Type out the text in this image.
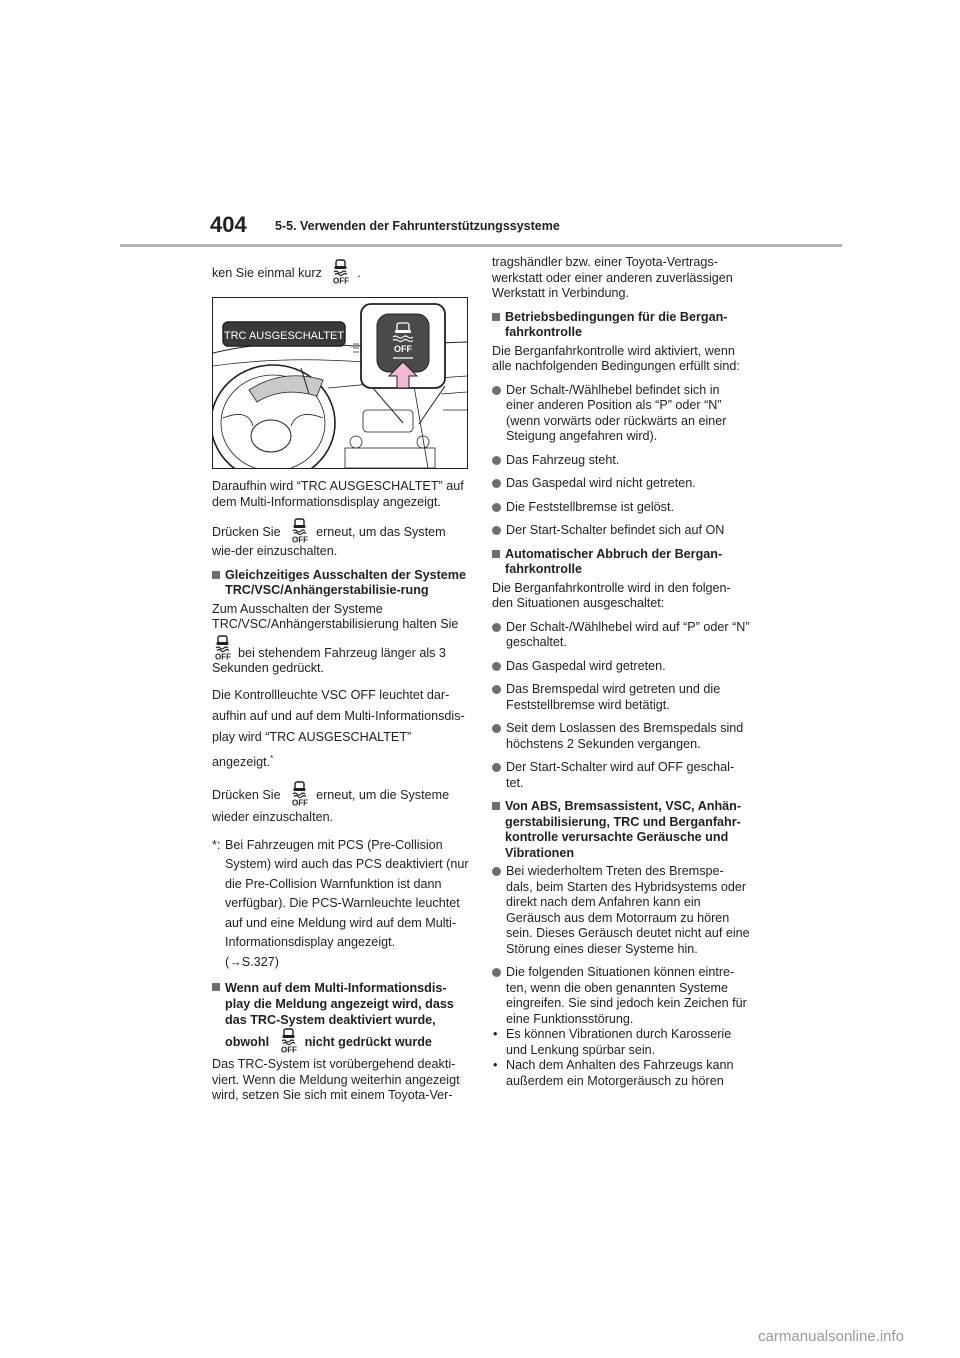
404 5-5. Verwenden der Fahrunterstützungssysteme

ken Sie einmal kurz	.

TRC AUSGESCHALTET
OFF

Daraufhin wird “TRC AUSGESCHALTET” auf dem Multi-Informationsdisplay angezeigt.

Drücken Sie	erneut, um das System wie-der einzuschalten.

Gleichzeitiges Ausschalten der Systeme TRC/VSC/Anhängerstabilisie-rung

Zum Ausschalten der Systeme TRC/VSC/Anhängerstabilisierung halten Sie

bei stehendem Fahrzeug länger als 3 Sekunden gedrückt.

Die Kontrollleuchte VSC OFF leuchtet dar-aufhin auf und auf dem Multi-Informationsdis-play wird “TRC AUSGESCHALTET” angezeigt.*

Drücken Sie	erneut, um die Systeme wieder einzuschalten.

*: Bei Fahrzeugen mit PCS (Pre-Collision System) wird auch das PCS deaktiviert (nur die Pre-Collision Warnfunktion ist dann verfügbar). Die PCS-Warnleuchte leuchtet auf und eine Meldung wird auf dem Multi-Informationsdisplay angezeigt.
(→S.327)
Wenn auf dem Multi-Informationsdis-play die Meldung angezeigt wird, dass das TRC-System deaktiviert wurde,
obwohl	nicht gedrückt wurde

Das TRC-System ist vorübergehend deakti-viert. Wenn die Meldung weiterhin angezeigt wird, setzen Sie sich mit einem Toyota-Ver-

tragshändler bzw. einer Toyota-Vertrags-werkstatt oder einer anderen zuverlässigen Werkstatt in Verbindung.

Betriebsbedingungen für die Bergan-fahrkontrolle

Die Berganfahrkontrolle wird aktiviert, wenn alle nachfolgenden Bedingungen erfüllt sind:

Der Schalt-/Wählhebel befindet sich in einer anderen Position als “P” oder “N” (wenn vorwärts oder rückwärts an einer Steigung angefahren wird).
Das Fahrzeug steht.
Das Gaspedal wird nicht getreten.
Die Feststellbremse ist gelöst.
Der Start-Schalter befindet sich auf ON
Automatischer Abbruch der Bergan-fahrkontrolle

Die Berganfahrkontrolle wird in den folgen-den Situationen ausgeschaltet:

Der Schalt-/Wählhebel wird auf “P” oder “N” geschaltet.
Das Gaspedal wird getreten.
Das Bremspedal wird getreten und die Feststellbremse wird betätigt.
Seit dem Loslassen des Bremspedals sind höchstens 2 Sekunden vergangen.
Der Start-Schalter wird auf OFF geschal-tet.
Von ABS, Bremsassistent, VSC, Anhän-gerstabilisierung, TRC und Berganfahr-kontrolle verursachte Geräusche und Vibrationen
Bei wiederholtem Treten des Bremspe-dals, beim Starten des Hybridsystems oder direkt nach dem Anfahren kann ein Geräusch aus dem Motorraum zu hören sein. Dieses Geräusch deutet nicht auf eine Störung eines dieser Systeme hin.
Die folgenden Situationen können eintre-ten, wenn die oben genannten Systeme eingreifen. Sie sind jedoch kein Zeichen für eine Funktionsstörung.
• Es können Vibrationen durch Karosserie und Lenkung spürbar sein.
• Nach dem Anhalten des Fahrzeugs kann außerdem ein Motorgeräusch zu hören
carmanualsonline.info
